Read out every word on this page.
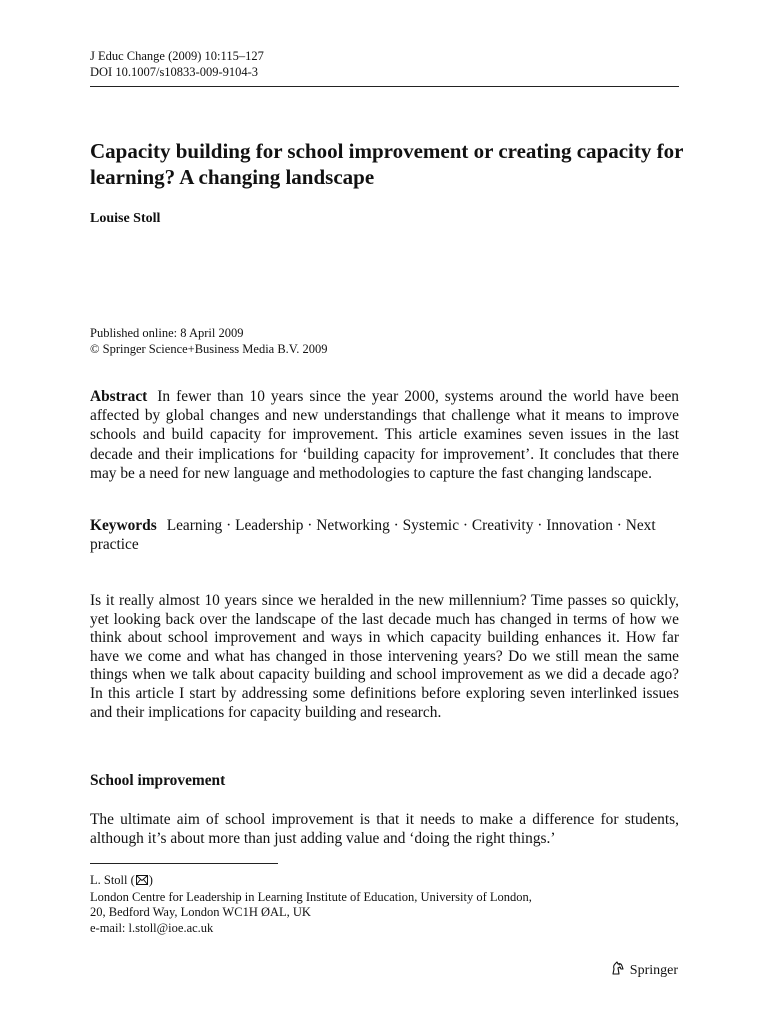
J Educ Change (2009) 10:115–127
DOI 10.1007/s10833-009-9104-3
Capacity building for school improvement or creating capacity for learning? A changing landscape
Louise Stoll
Published online: 8 April 2009
© Springer Science+Business Media B.V. 2009

Abstract In fewer than 10 years since the year 2000, systems around the world have been affected by global changes and new understandings that challenge what it means to improve schools and build capacity for improvement. This article examines seven issues in the last decade and their implications for ‘building capacity for improvement’. It concludes that there may be a need for new language and methodologies to capture the fast changing landscape.

Keywords Learning · Leadership · Networking · Systemic · Creativity · Innovation · Next practice

Is it really almost 10 years since we heralded in the new millennium? Time passes so quickly, yet looking back over the landscape of the last decade much has changed in terms of how we think about school improvement and ways in which capacity building enhances it. How far have we come and what has changed in those intervening years? Do we still mean the same things when we talk about capacity building and school improvement as we did a decade ago? In this article I start by addressing some definitions before exploring seven interlinked issues and their implications for capacity building and research.

School improvement

The ultimate aim of school improvement is that it needs to make a difference for students, although it’s about more than just adding value and ‘doing the right things.’

L. Stoll ( )
London Centre for Leadership in Learning Institute of Education, University of London,
20, Bedford Way, London WC1H ØAL, UK
e-mail: l.stoll@ioe.ac.uk
Springer
